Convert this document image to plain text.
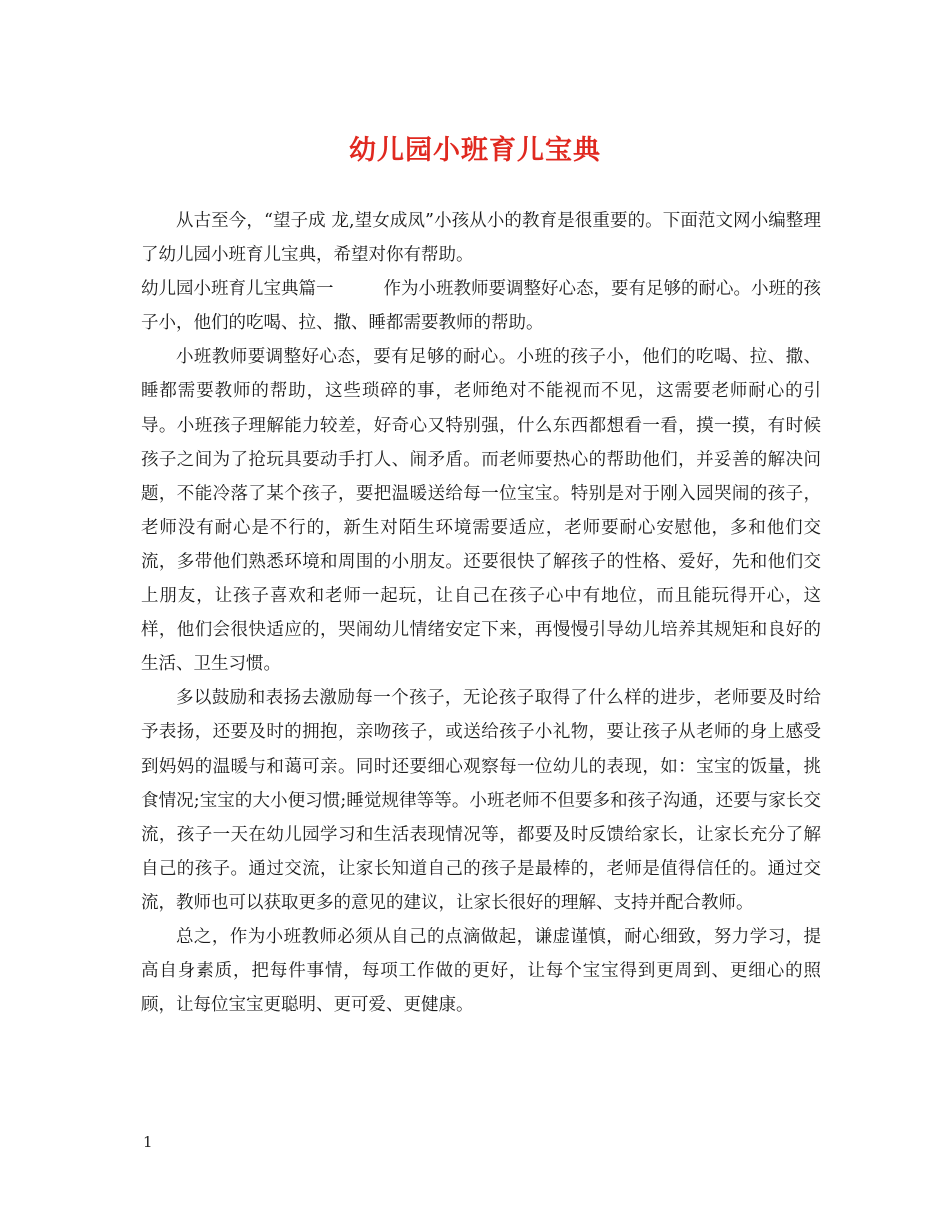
幼儿园小班育儿宝典

从古至今，“望子成 龙,望女成凤”小孩从小的教育是很重要的。下面范文网小编整理了幼儿园小班育儿宝典，希望对你有帮助。

幼儿园小班育儿宝典篇一	作为小班教师要调整好心态，要有足够的耐心。小班的孩子小，他们的吃喝、拉、撒、睡都需要教师的帮助。

小班教师要调整好心态，要有足够的耐心。小班的孩子小，他们的吃喝、拉、撒、睡都需要教师的帮助，这些琐碎的事，老师绝对不能视而不见，这需要老师耐心的引导。小班孩子理解能力较差，好奇心又特别强，什么东西都想看一看，摸一摸，有时候孩子之间为了抢玩具要动手打人、闹矛盾。而老师要热心的帮助他们，并妥善的解决问题，不能冷落了某个孩子，要把温暖送给每一位宝宝。特别是对于刚入园哭闹的孩子，老师没有耐心是不行的，新生对陌生环境需要适应，老师要耐心安慰他，多和他们交流，多带他们熟悉环境和周围的小朋友。还要很快了解孩子的性格、爱好，先和他们交上朋友，让孩子喜欢和老师一起玩，让自己在孩子心中有地位，而且能玩得开心，这样，他们会很快适应的，哭闹幼儿情绪安定下来，再慢慢引导幼儿培养其规矩和良好的生活、卫生习惯。

多以鼓励和表扬去激励每一个孩子，无论孩子取得了什么样的进步，老师要及时给予表扬，还要及时的拥抱，亲吻孩子，或送给孩子小礼物，要让孩子从老师的身上感受到妈妈的温暖与和蔼可亲。同时还要细心观察每一位幼儿的表现，如：宝宝的饭量，挑食情况;宝宝的大小便习惯;睡觉规律等等。小班老师不但要多和孩子沟通，还要与家长交流，孩子一天在幼儿园学习和生活表现情况等，都要及时反馈给家长，让家长充分了解自己的孩子。通过交流，让家长知道自己的孩子是最棒的，老师是值得信任的。通过交流，教师也可以获取更多的意见的建议，让家长很好的理解、支持并配合教师。

总之，作为小班教师必须从自己的点滴做起，谦虚谨慎，耐心细致，努力学习，提高自身素质，把每件事情，每项工作做的更好，让每个宝宝得到更周到、更细心的照顾，让每位宝宝更聪明、更可爱、更健康。

1
